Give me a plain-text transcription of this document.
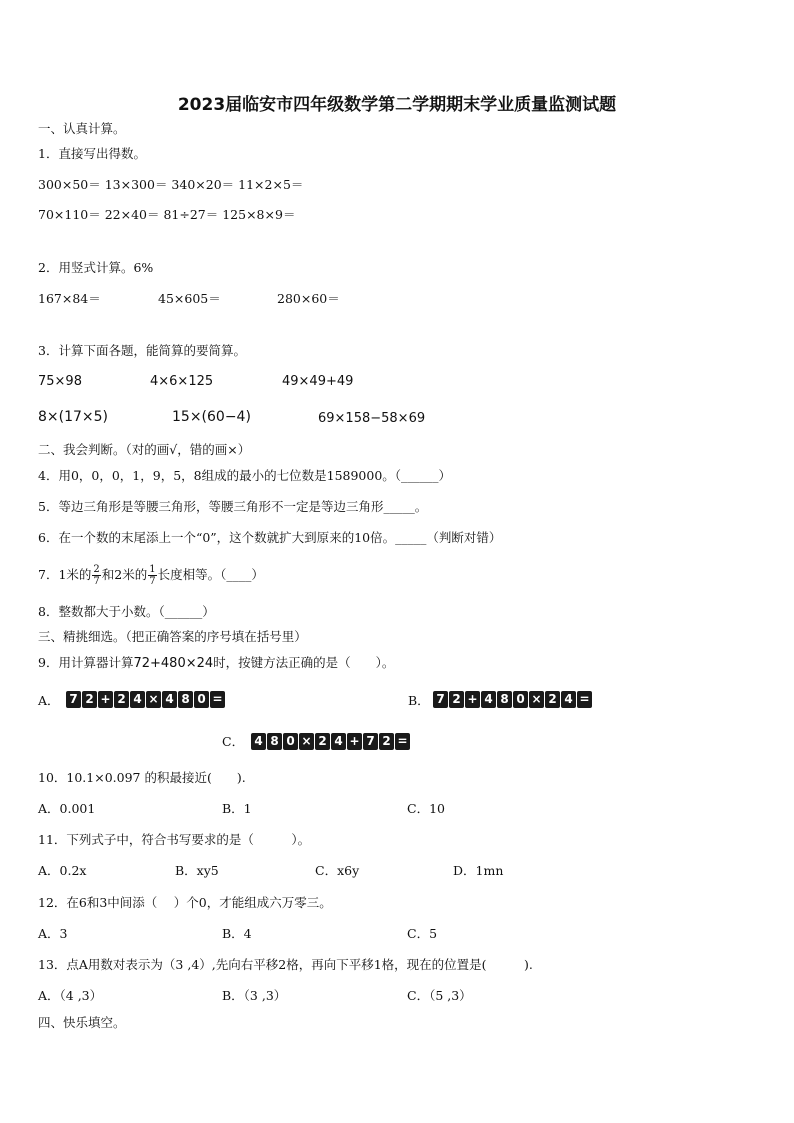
2023届临安市四年级数学第二学期期末学业质量监测试题
一、认真计算。
1．直接写出得数。
300×50＝ 13×300＝ 340×20＝ 11×2×5＝
70×110＝ 22×40＝ 81÷27＝ 125×8×9＝
2．用竖式计算。6%
167×84＝	45×605＝	280×60＝
3．计算下面各题，能简算的要简算。
75×98	4×6×125	49×49+49
8×(17×5)	15×(60−4)	69×158−58×69
二、我会判断。（对的画√，错的画×）
4．用0，0，0，1，9，5，8组成的最小的七位数是1589000。（______）
5．等边三角形是等腰三角形，等腰三角形不一定是等边三角形_____。
6．在一个数的末尾添上一个“0”，这个数就扩大到原来的10倍。_____（判断对错）
7．1米的 $\frac{2}{7}$ 和2米的 $\frac{1}{7}$ 长度相等。（____）
8．整数都大于小数。（______）
三、精挑细选。（把正确答案的序号填在括号里）
9．用计算器计算72+480×24时，按键方法正确的是（　　）。
A． 7 2 + 2 4 × 4 8 0 =	B． 7 2 + 4 8 0 × 2 4 =
C． 4 8 0 × 2 4 + 7 2 =
10．10.1×0.097 的积最接近(　　).
A．0.001	B．1	C．10
11．下列式子中，符合书写要求的是（　　　）。
A．0.2x	B．xy5	C．x6y	D．1mn
12．在6和3中间添（　 ）个0，才能组成六万零三。
A．3	B．4	C．5
13．点A用数对表示为（3 ,4）,先向右平移2格，再向下平移1格，现在的位置是(　　　).
A．（4 ,3）	B．（3 ,3）	C．（5 ,3）
四、快乐填空。
